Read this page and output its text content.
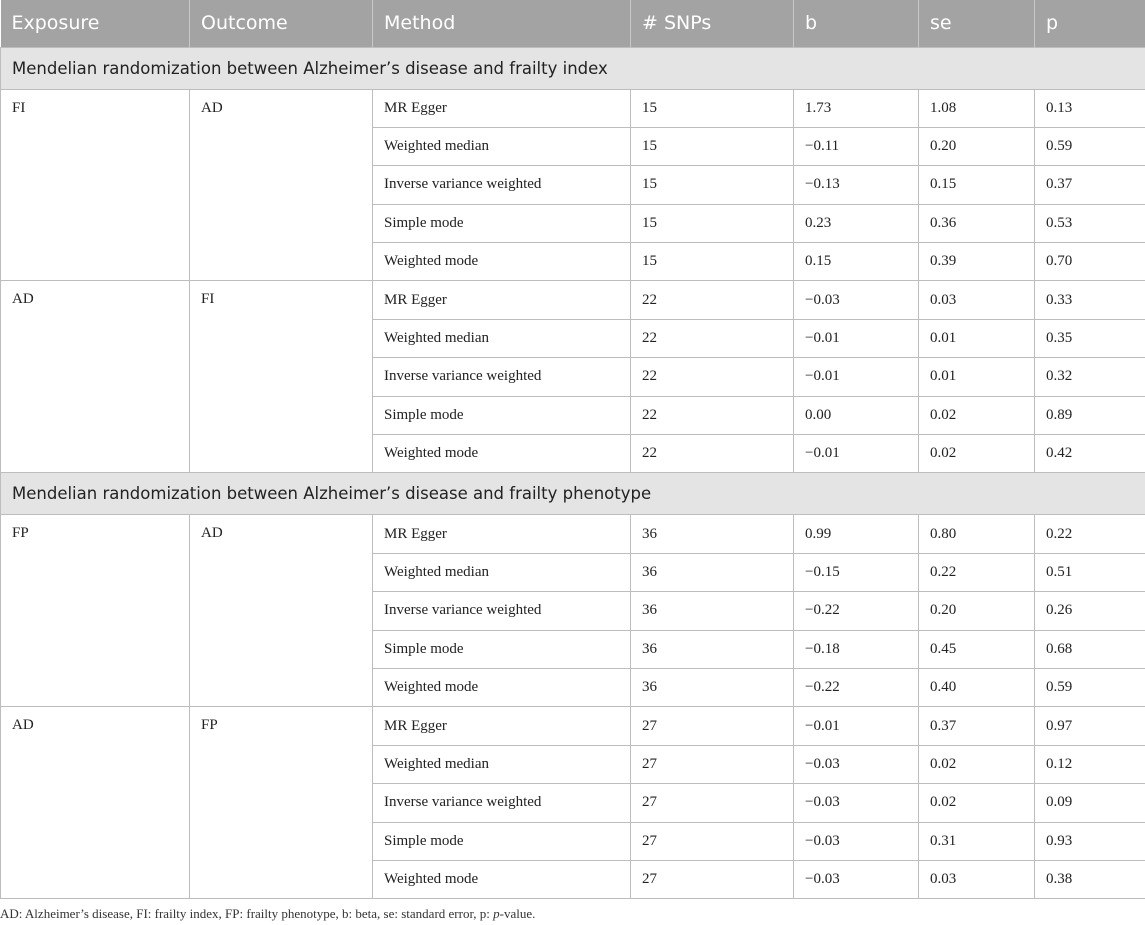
Exposure	Outcome	Method	# SNPs	b	se	p
Mendelian randomization between Alzheimer’s disease and frailty index						
FI	AD	MR Egger	15	1.73	1.08	0.13
		Weighted median	15	−0.11	0.20	0.59
		Inverse variance weighted	15	−0.13	0.15	0.37
		Simple mode	15	0.23	0.36	0.53
		Weighted mode	15	0.15	0.39	0.70
AD	FI	MR Egger	22	−0.03	0.03	0.33
		Weighted median	22	−0.01	0.01	0.35
		Inverse variance weighted	22	−0.01	0.01	0.32
		Simple mode	22	0.00	0.02	0.89
		Weighted mode	22	−0.01	0.02	0.42
Mendelian randomization between Alzheimer’s disease and frailty phenotype						
FP	AD	MR Egger	36	0.99	0.80	0.22
		Weighted median	36	−0.15	0.22	0.51
		Inverse variance weighted	36	−0.22	0.20	0.26
		Simple mode	36	−0.18	0.45	0.68
		Weighted mode	36	−0.22	0.40	0.59
AD	FP	MR Egger	27	−0.01	0.37	0.97
		Weighted median	27	−0.03	0.02	0.12
		Inverse variance weighted	27	−0.03	0.02	0.09
		Simple mode	27	−0.03	0.31	0.93
		Weighted mode	27	−0.03	0.03	0.38
AD: Alzheimer’s disease, FI: frailty index, FP: frailty phenotype, b: beta, se: standard error, p: p-value.
